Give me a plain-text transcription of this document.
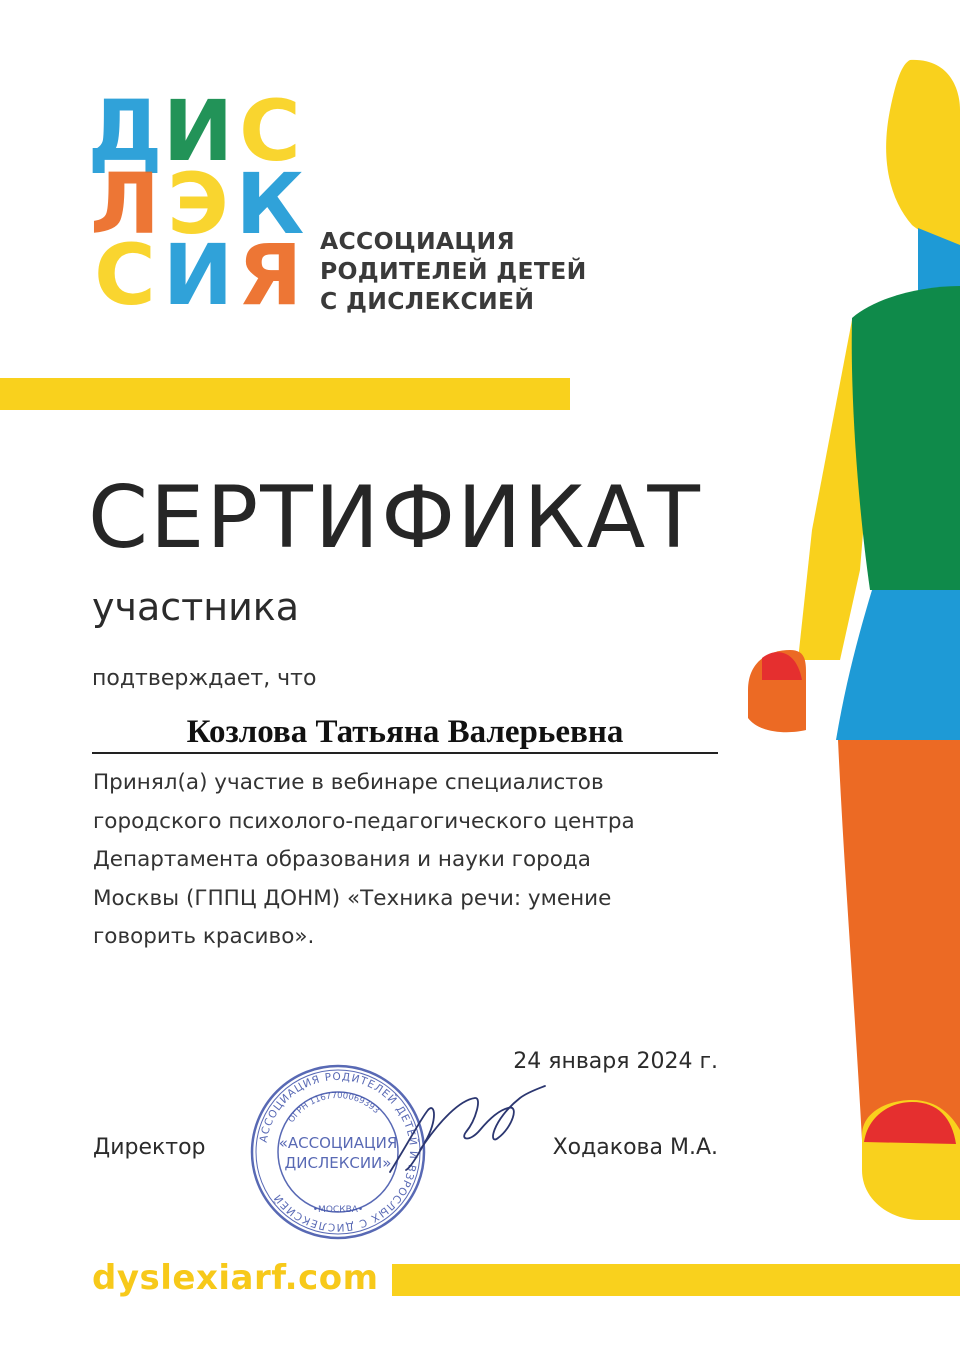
Д И С
Л Э К
С И Я АССОЦИАЦИЯ
РОДИТЕЛЕЙ ДЕТЕЙ
С ДИСЛЕКСИЕЙ
СЕРТИФИКАТ
участника
подтверждает, что
Козлова Татьяна Валерьевна
Принял(а) участие в вебинаре специалистов
городского психолого-педагогического центра
Департамента образования и науки города
Москвы (ГППЦ ДОНМ) «Техника речи: умение
говорить красиво».
24 января 2024 г.
Директор	Ходакова М.А.
АССОЦИАЦИЯ РОДИТЕЛЕЙ ДЕТЕЙ И ВЗРОСЛЫХ С ДИСЛЕКСИЕЙ
ОГРН 1167700069393
«АССОЦИАЦИЯ
ДИСЛЕКСИИ»
•МОСКВА•
dyslexiarf.com
